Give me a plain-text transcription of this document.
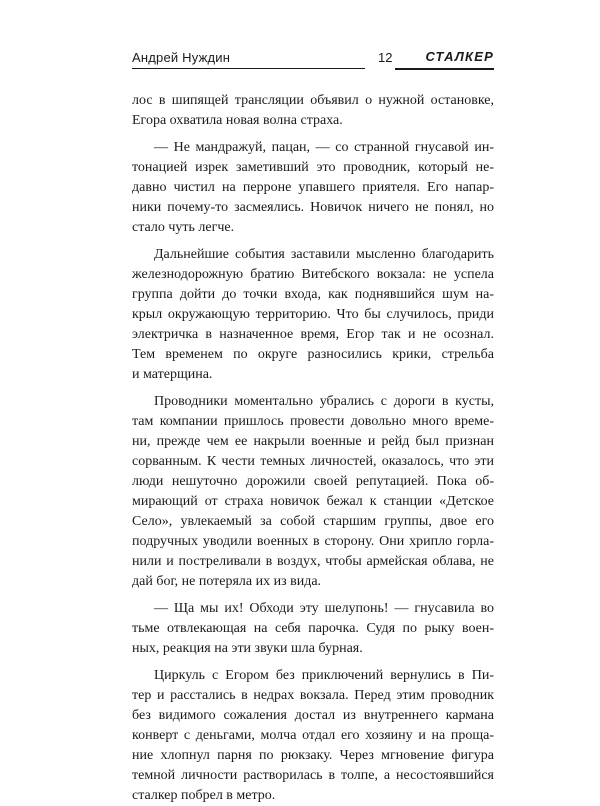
Андрей Нуждин	12	СТАЛКЕР
лос в шипящей трансляции объявил о нужной остановке,
Егора охватила новая волна страха.
— Не мандражуй, пацан, — со странной гнусавой ин-
тонацией изрек заметивший это проводник, который не-
давно чистил на перроне упавшего приятеля. Его напар-
ники почему-то засмеялись. Новичок ничего не понял, но
стало чуть легче.
Дальнейшие события заставили мысленно благодарить
железнодорожную братию Витебского вокзала: не успела
группа дойти до точки входа, как поднявшийся шум на-
крыл окружающую территорию. Что бы случилось, приди
электричка в назначенное время, Егор так и не осознал.
Тем временем по округе разносились крики, стрельба
и матерщина.
Проводники моментально убрались с дороги в кусты,
там компании пришлось провести довольно много време-
ни, прежде чем ее накрыли военные и рейд был признан
сорванным. К чести темных личностей, оказалось, что эти
люди нешуточно дорожили своей репутацией. Пока об-
мирающий от страха новичок бежал к станции «Детское
Село», увлекаемый за собой старшим группы, двое его
подручных уводили военных в сторону. Они хрипло горла-
нили и постреливали в воздух, чтобы армейская облава, не
дай бог, не потеряла их из вида.
— Ща мы их! Обходи эту шелупонь! — гнусавила во
тьме отвлекающая на себя парочка. Судя по рыку воен-
ных, реакция на эти звуки шла бурная.
Циркуль с Егором без приключений вернулись в Пи-
тер и расстались в недрах вокзала. Перед этим проводник
без видимого сожаления достал из внутреннего кармана
конверт с деньгами, молча отдал его хозяину и на проща-
ние хлопнул парня по рюкзаку. Через мгновение фигура
темной личности растворилась в толпе, а несостоявшийся
сталкер побрел в метро.
